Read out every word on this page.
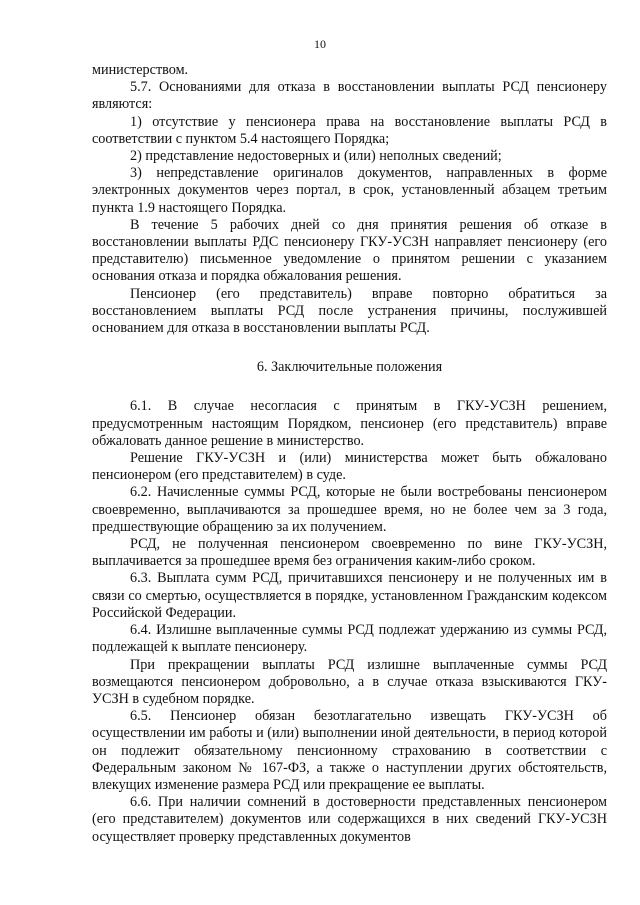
10

министерством.

5.7. Основаниями для отказа в восстановлении выплаты РСД пенсионеру являются:

1) отсутствие у пенсионера права на восстановление выплаты РСД в соответствии с пунктом 5.4 настоящего Порядка;

2) представление недостоверных и (или) неполных сведений;

3) непредставление оригиналов документов, направленных в форме электронных документов через портал, в срок, установленный абзацем третьим пункта 1.9 настоящего Порядка.

В течение 5 рабочих дней со дня принятия решения об отказе в восстановлении выплаты РДС пенсионеру ГКУ-УСЗН направляет пенсионеру (его представителю) письменное уведомление о принятом решении с указанием основания отказа и порядка обжалования решения.

Пенсионер (его представитель) вправе повторно обратиться за восстановлением выплаты РСД после устранения причины, послужившей основанием для отказа в восстановлении выплаты РСД.

6. Заключительные положения

6.1. В случае несогласия с принятым в ГКУ-УСЗН решением, предусмотренным настоящим Порядком, пенсионер (его представитель) вправе обжаловать данное решение в министерство.

Решение ГКУ-УСЗН и (или) министерства может быть обжаловано пенсионером (его представителем) в суде.

6.2. Начисленные суммы РСД, которые не были востребованы пенсионером своевременно, выплачиваются за прошедшее время, но не более чем за 3 года, предшествующие обращению за их получением.

РСД, не полученная пенсионером своевременно по вине ГКУ-УСЗН, выплачивается за прошедшее время без ограничения каким-либо сроком.

6.3. Выплата сумм РСД, причитавшихся пенсионеру и не полученных им в связи со смертью, осуществляется в порядке, установленном Гражданским кодексом Российской Федерации.

6.4. Излишне выплаченные суммы РСД подлежат удержанию из суммы РСД, подлежащей к выплате пенсионеру.

При прекращении выплаты РСД излишне выплаченные суммы РСД возмещаются пенсионером добровольно, а в случае отказа взыскиваются ГКУ-УСЗН в судебном порядке.

6.5. Пенсионер обязан безотлагательно извещать ГКУ-УСЗН об осуществлении им работы и (или) выполнении иной деятельности, в период которой он подлежит обязательному пенсионному страхованию в соответствии с Федеральным законом № 167-ФЗ, а также о наступлении других обстоятельств, влекущих изменение размера РСД или прекращение ее выплаты.

6.6. При наличии сомнений в достоверности представленных пенсионером (его представителем) документов или содержащихся в них сведений ГКУ-УСЗН осуществляет проверку представленных документов
